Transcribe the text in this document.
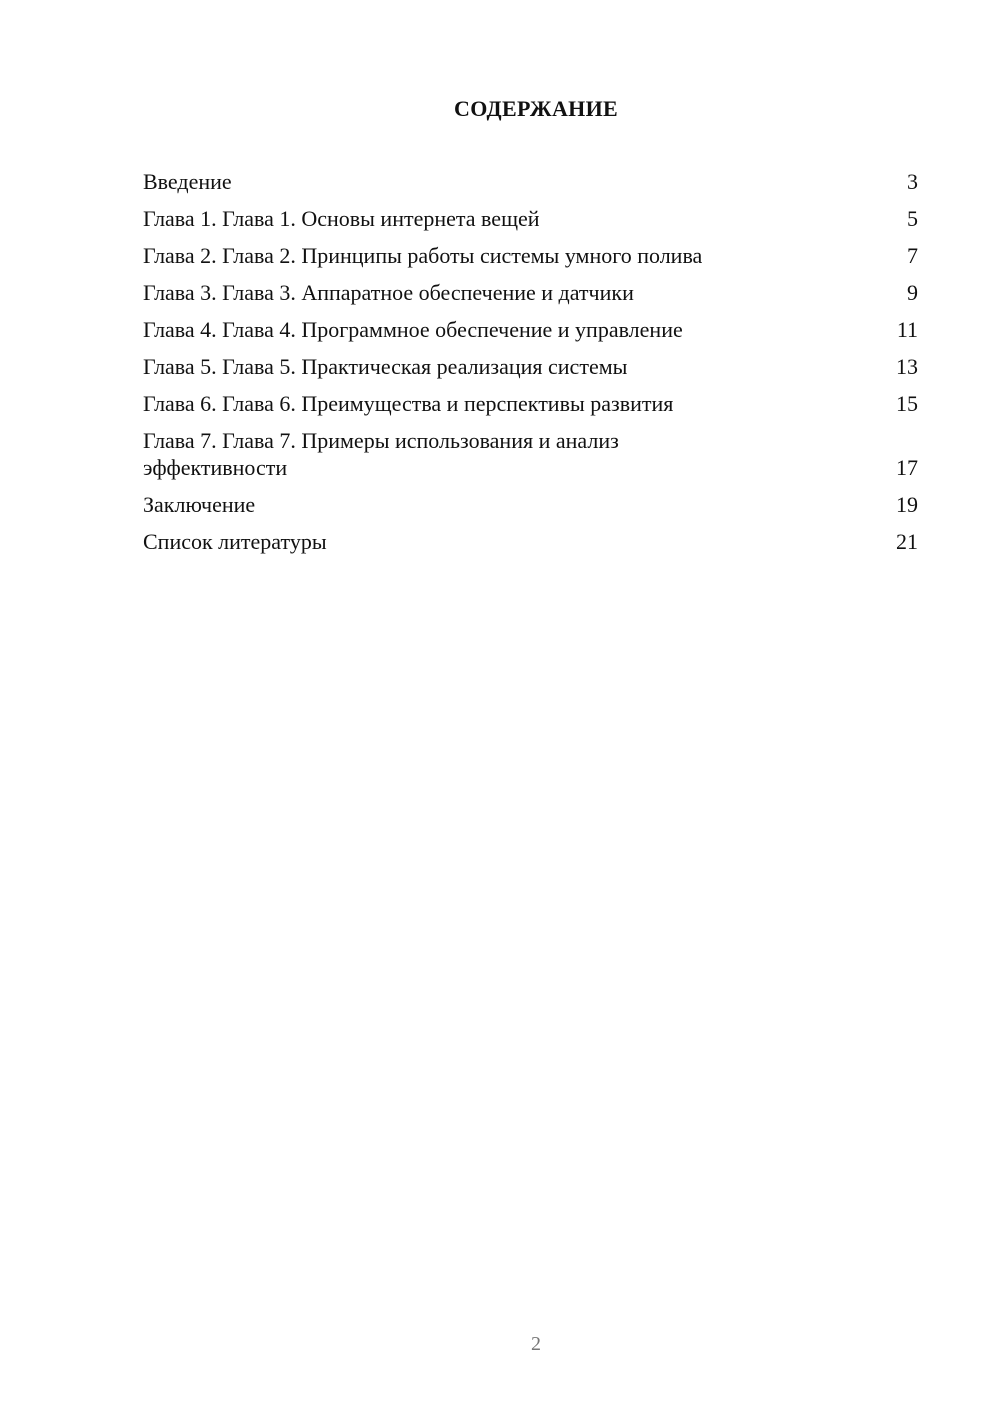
СОДЕРЖАНИЕ
Введение	3
Глава 1. Глава 1. Основы интернета вещей	5
Глава 2. Глава 2. Принципы работы системы умного полива	7
Глава 3. Глава 3. Аппаратное обеспечение и датчики	9
Глава 4. Глава 4. Программное обеспечение и управление	11
Глава 5. Глава 5. Практическая реализация системы	13
Глава 6. Глава 6. Преимущества и перспективы развития	15
Глава 7. Глава 7. Примеры использования и анализ эффективности	17
Заключение	19
Список литературы	21
2
